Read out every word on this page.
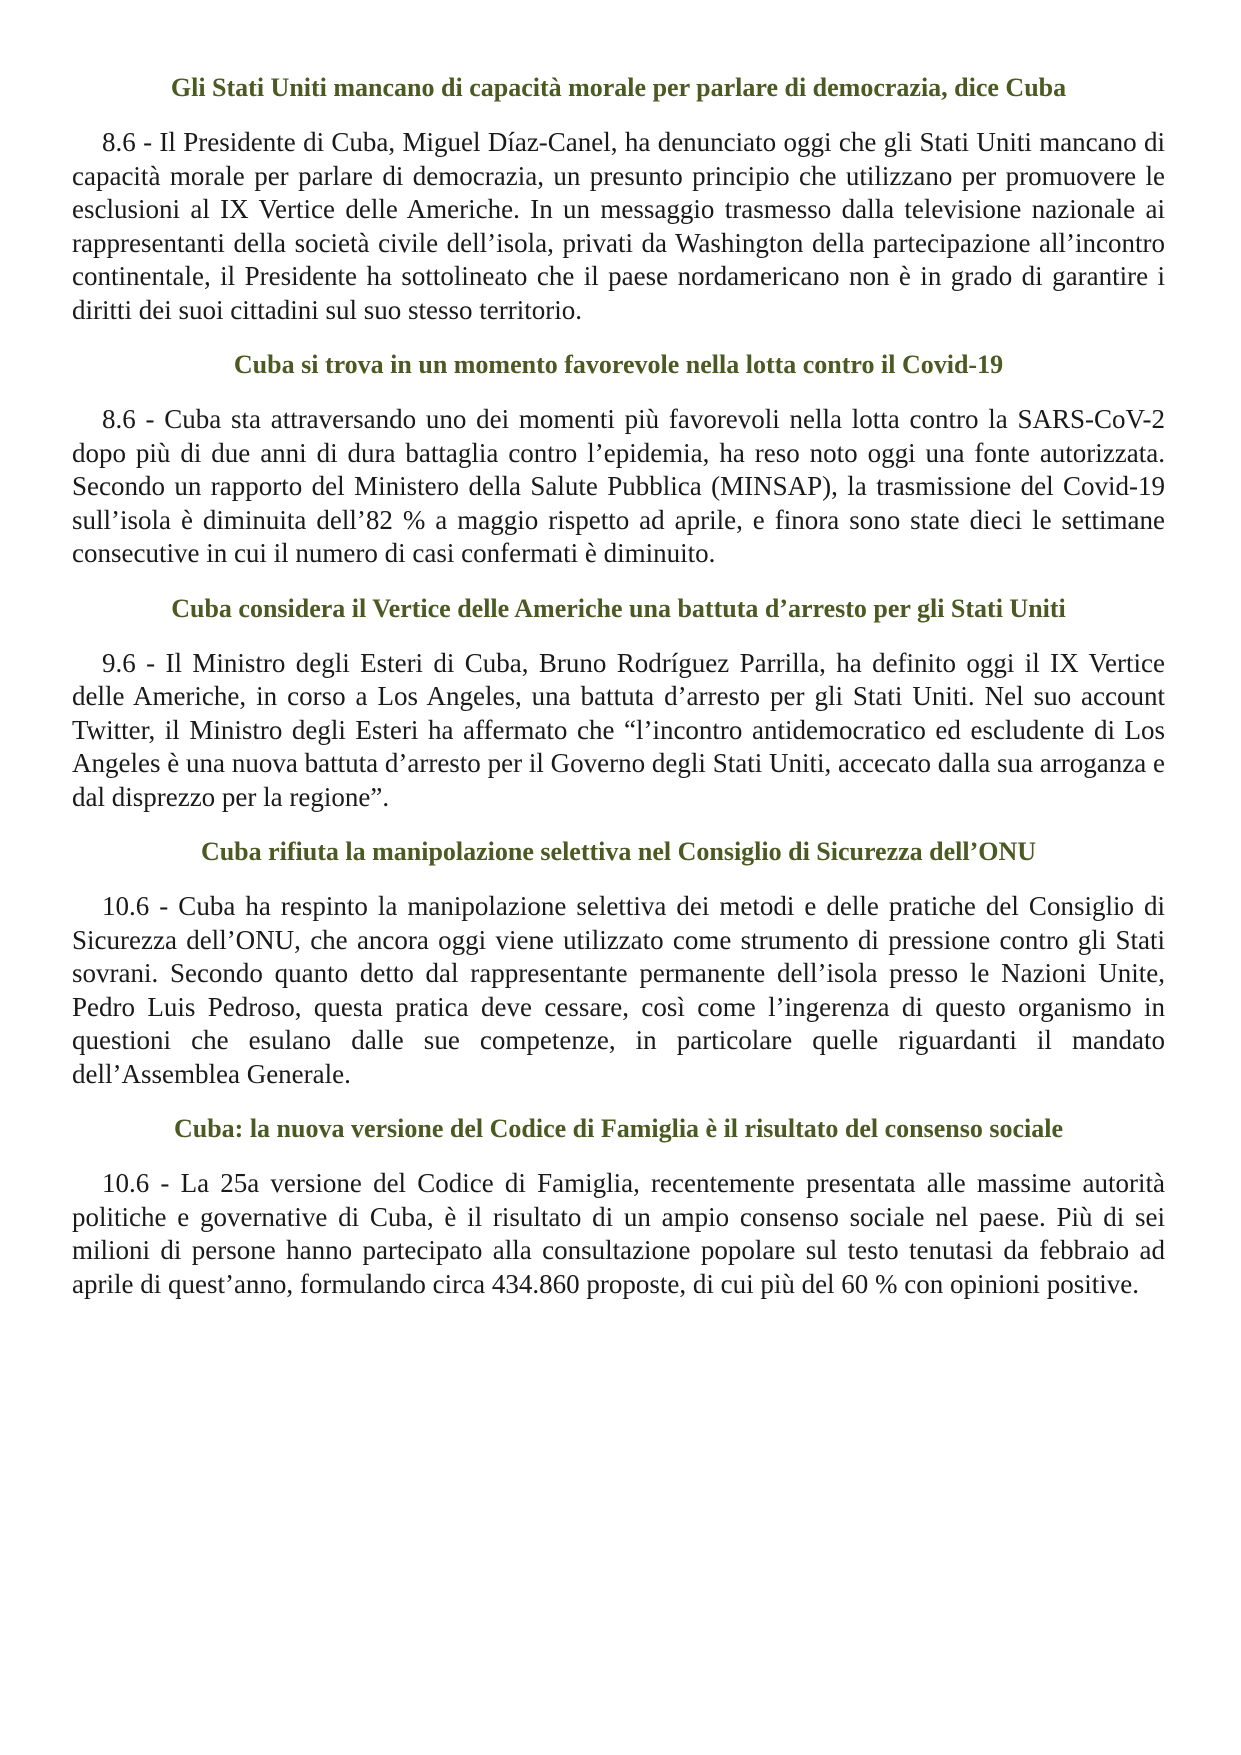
Gli Stati Uniti mancano di capacità morale per parlare di democrazia, dice Cuba

8.6 - Il Presidente di Cuba, Miguel Díaz-Canel, ha denunciato oggi che gli Stati Uniti mancano di capacità morale per parlare di democrazia, un presunto principio che utilizzano per promuovere le esclusioni al IX Vertice delle Americhe. In un messaggio trasmesso dalla televisione nazionale ai rappresentanti della società civile dell’isola, privati da Washington della partecipazione all’incontro continentale, il Presidente ha sottolineato che il paese nordamericano non è in grado di garantire i diritti dei suoi cittadini sul suo stesso territorio.

Cuba si trova in un momento favorevole nella lotta contro il Covid-19

8.6 - Cuba sta attraversando uno dei momenti più favorevoli nella lotta contro la SARS-CoV-2 dopo più di due anni di dura battaglia contro l’epidemia, ha reso noto oggi una fonte autorizzata. Secondo un rapporto del Ministero della Salute Pubblica (MINSAP), la trasmissione del Covid-19 sull’isola è diminuita dell’82 % a maggio rispetto ad aprile, e finora sono state dieci le settimane consecutive in cui il numero di casi confermati è diminuito.

Cuba considera il Vertice delle Americhe una battuta d’arresto per gli Stati Uniti

9.6 - Il Ministro degli Esteri di Cuba, Bruno Rodríguez Parrilla, ha definito oggi il IX Vertice delle Americhe, in corso a Los Angeles, una battuta d’arresto per gli Stati Uniti. Nel suo account Twitter, il Ministro degli Esteri ha affermato che “l’incontro antidemocratico ed escludente di Los Angeles è una nuova battuta d’arresto per il Governo degli Stati Uniti, accecato dalla sua arroganza e dal disprezzo per la regione”.

Cuba rifiuta la manipolazione selettiva nel Consiglio di Sicurezza dell’ONU

10.6 - Cuba ha respinto la manipolazione selettiva dei metodi e delle pratiche del Consiglio di Sicurezza dell’ONU, che ancora oggi viene utilizzato come strumento di pressione contro gli Stati sovrani. Secondo quanto detto dal rappresentante permanente dell’isola presso le Nazioni Unite, Pedro Luis Pedroso, questa pratica deve cessare, così come l’ingerenza di questo organismo in questioni che esulano dalle sue competenze, in particolare quelle riguardanti il mandato dell’Assemblea Generale.

Cuba: la nuova versione del Codice di Famiglia è il risultato del consenso sociale

10.6 - La 25a versione del Codice di Famiglia, recentemente presentata alle massime autorità politiche e governative di Cuba, è il risultato di un ampio consenso sociale nel paese. Più di sei milioni di persone hanno partecipato alla consultazione popolare sul testo tenutasi da febbraio ad aprile di quest’anno, formulando circa 434.860 proposte, di cui più del 60 % con opinioni positive.
